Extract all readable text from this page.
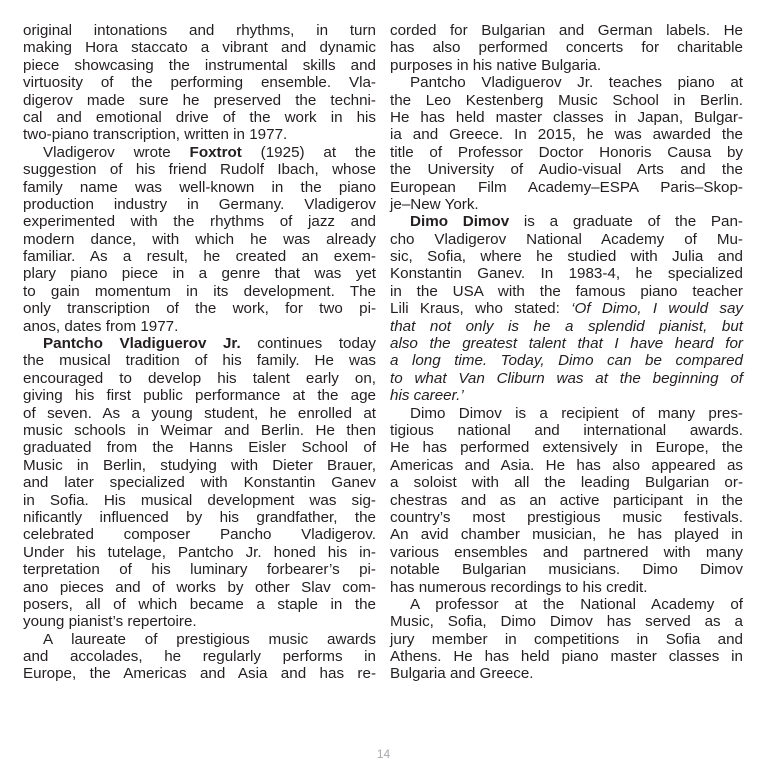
original intonations and rhythms, in turn
making Hora staccato a vibrant and dynamic
piece showcasing the instrumental skills and
virtuosity of the performing ensemble. Vla-
digerov made sure he preserved the techni-
cal and emotional drive of the work in his
two-piano transcription, written in 1977.
Vladigerov wrote Foxtrot (1925) at the
suggestion of his friend Rudolf Ibach, whose
family name was well-known in the piano
production industry in Germany. Vladigerov
experimented with the rhythms of jazz and
modern dance, with which he was already
familiar. As a result, he created an exem-
plary piano piece in a genre that was yet
to gain momentum in its development. The
only transcription of the work, for two pi-
anos, dates from 1977.
Pantcho Vladiguerov Jr. continues today
the musical tradition of his family. He was
encouraged to develop his talent early on,
giving his first public performance at the age
of seven. As a young student, he enrolled at
music schools in Weimar and Berlin. He then
graduated from the Hanns Eisler School of
Music in Berlin, studying with Dieter Brauer,
and later specialized with Konstantin Ganev
in Sofia. His musical development was sig-
nificantly influenced by his grandfather, the
celebrated composer Pancho Vladigerov.
Under his tutelage, Pantcho Jr. honed his in-
terpretation of his luminary forbearer’s pi-
ano pieces and of works by other Slav com-
posers, all of which became a staple in the
young pianist’s repertoire.
A laureate of prestigious music awards
and accolades, he regularly performs in
Europe, the Americas and Asia and has re-
corded for Bulgarian and German labels. He
has also performed concerts for charitable
purposes in his native Bulgaria.
Pantcho Vladiguerov Jr. teaches piano at
the Leo Kestenberg Music School in Berlin.
He has held master classes in Japan, Bulgar-
ia and Greece. In 2015, he was awarded the
title of Professor Doctor Honoris Causa by
the University of Audio-visual Arts and the
European Film Academy–ESPA Paris–Skop-
je–New York.
Dimo Dimov is a graduate of the Pan-
cho Vladigerov National Academy of Mu-
sic, Sofia, where he studied with Julia and
Konstantin Ganev. In 1983-4, he specialized
in the USA with the famous piano teacher
Lili Kraus, who stated: ‘Of Dimo, I would say
that not only is he a splendid pianist, but
also the greatest talent that I have heard for
a long time. Today, Dimo can be compared
to what Van Cliburn was at the beginning of
his career.’
Dimo Dimov is a recipient of many pres-
tigious national and international awards.
He has performed extensively in Europe, the
Americas and Asia. He has also appeared as
a soloist with all the leading Bulgarian or-
chestras and as an active participant in the
country’s most prestigious music festivals.
An avid chamber musician, he has played in
various ensembles and partnered with many
notable Bulgarian musicians. Dimo Dimov
has numerous recordings to his credit.
A professor at the National Academy of
Music, Sofia, Dimo Dimov has served as a
jury member in competitions in Sofia and
Athens. He has held piano master classes in
Bulgaria and Greece.
14
